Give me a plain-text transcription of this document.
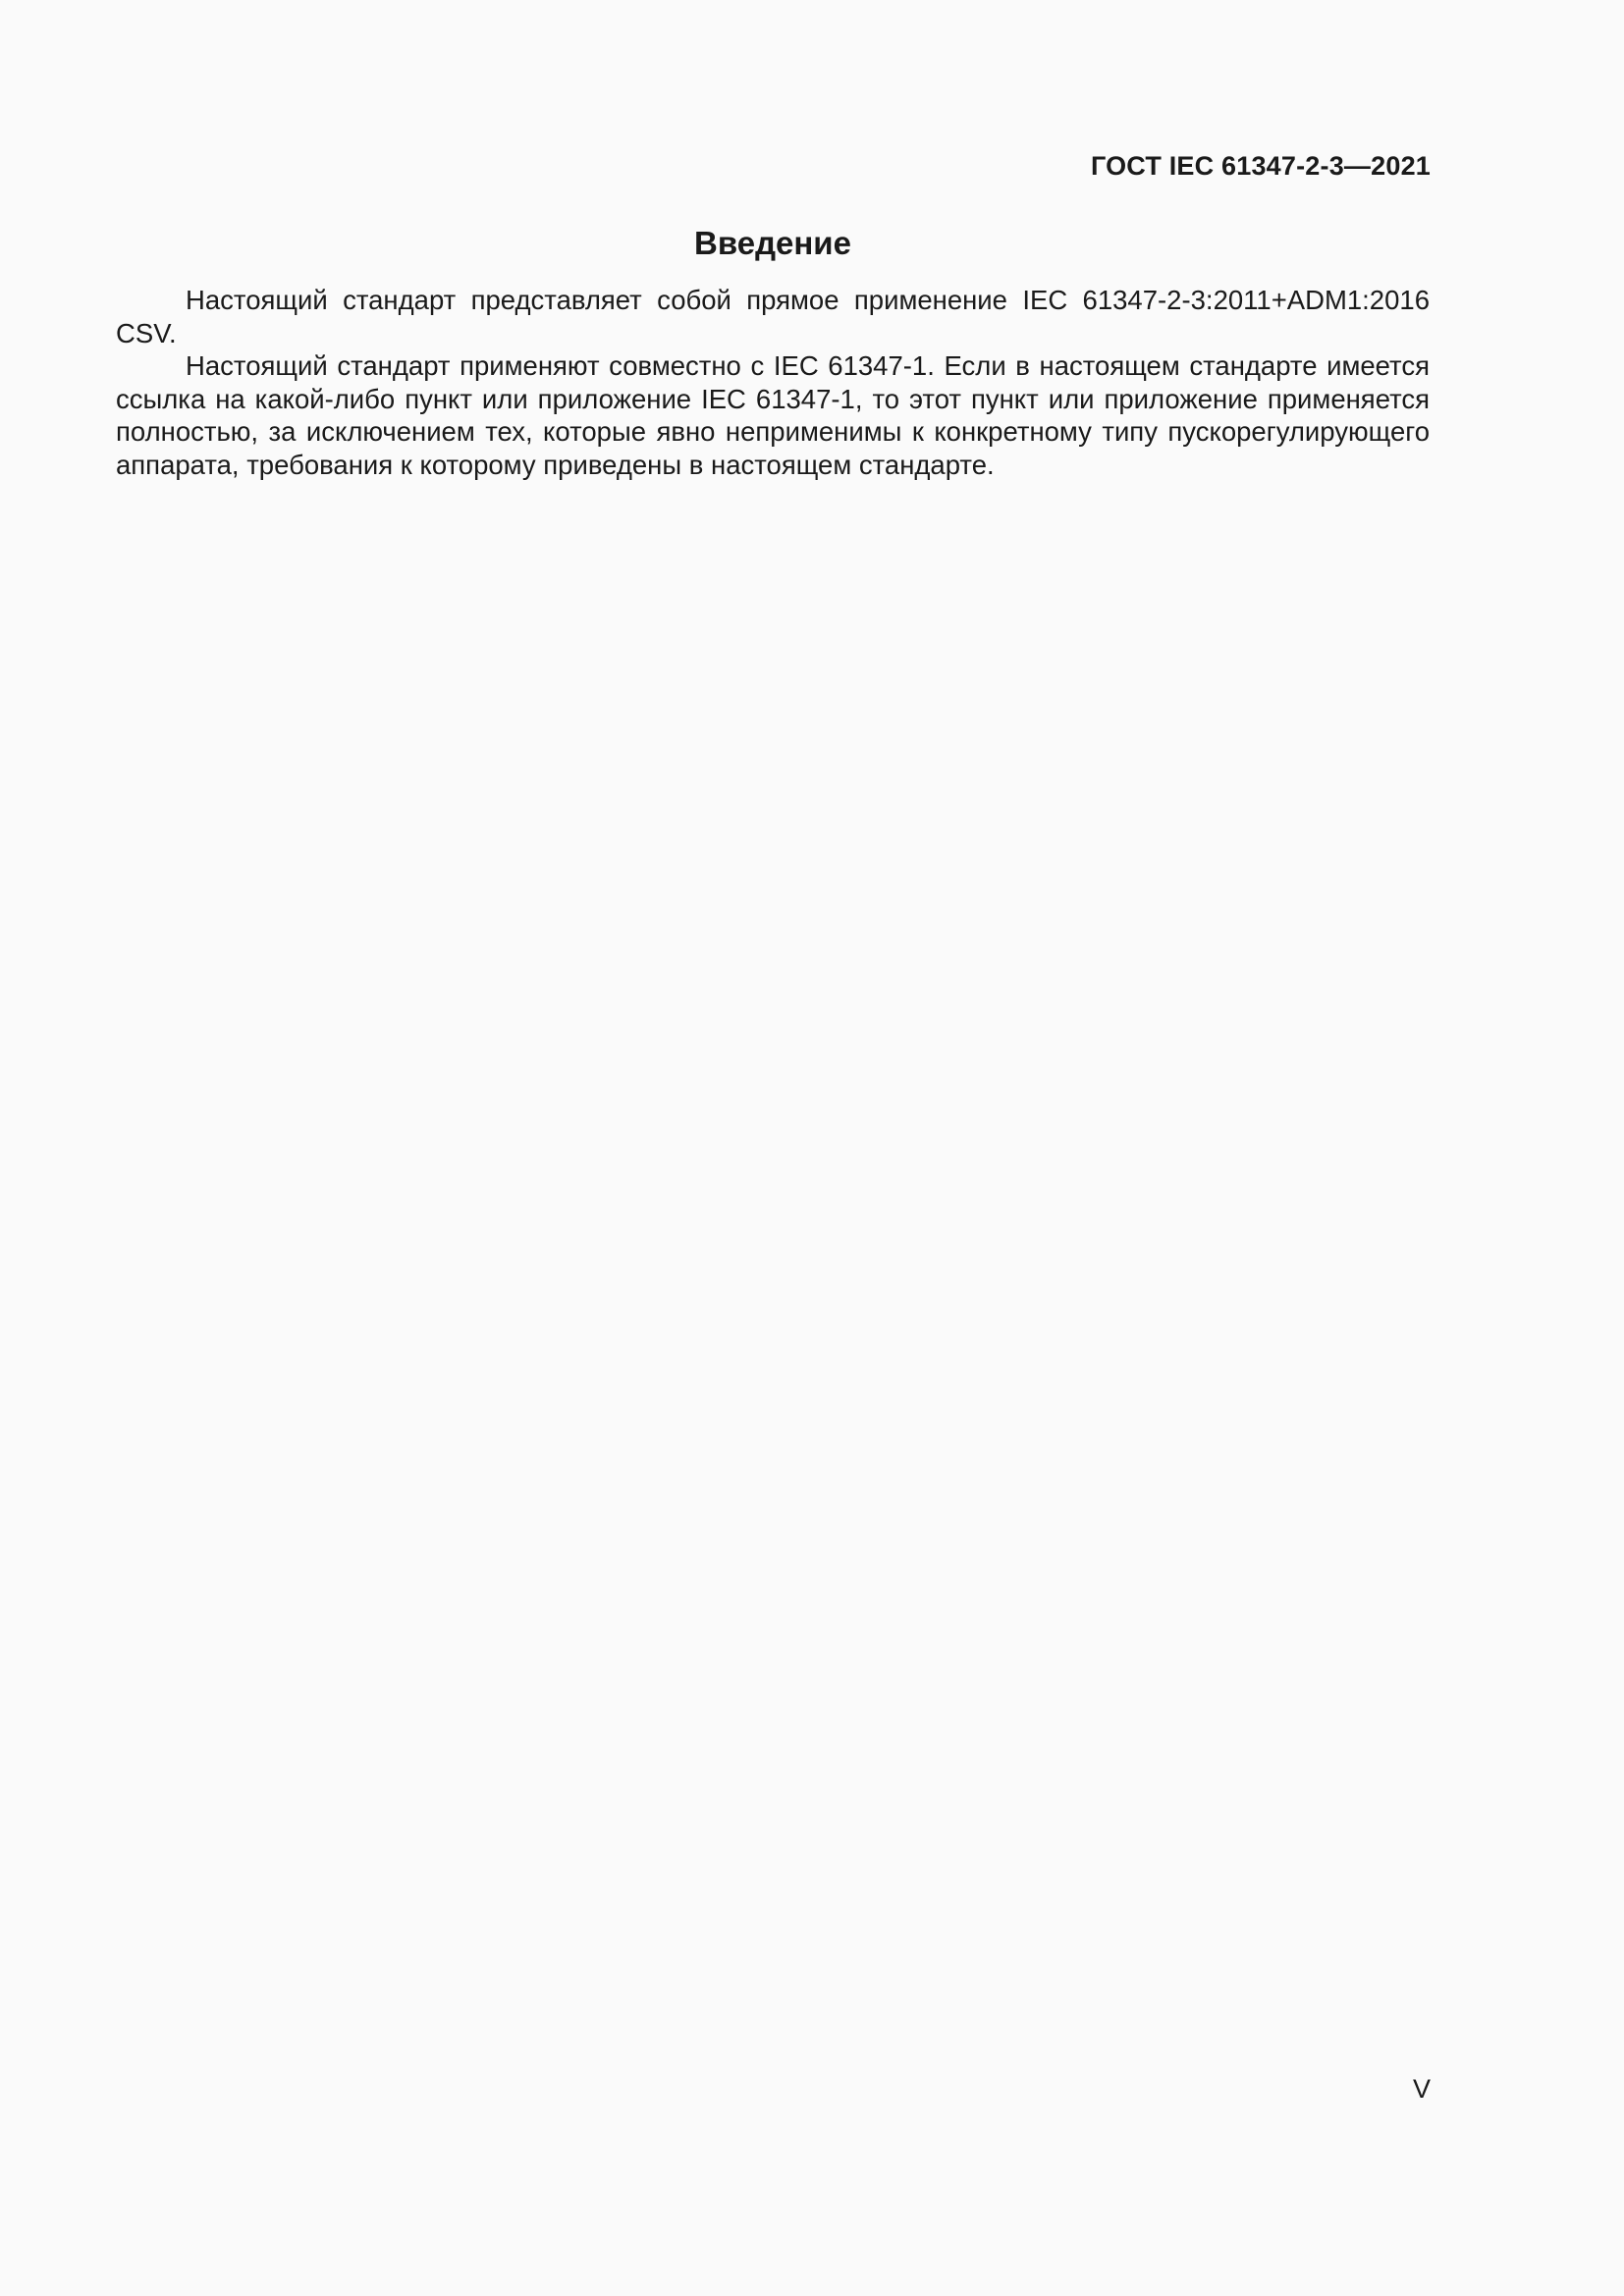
ГОСТ IEC 61347-2-3—2021
Введение

Настоящий стандарт представляет собой прямое применение IEC 61347-2-3:2011+ADM1:2016 CSV.

Настоящий стандарт применяют совместно с IEC 61347-1. Если в настоящем стандарте имеется ссылка на какой-либо пункт или приложение IEC 61347-1, то этот пункт или приложение применяется полностью, за исключением тех, которые явно неприменимы к конкретному типу пускорегулирующего аппарата, требования к которому приведены в настоящем стандарте.

V
